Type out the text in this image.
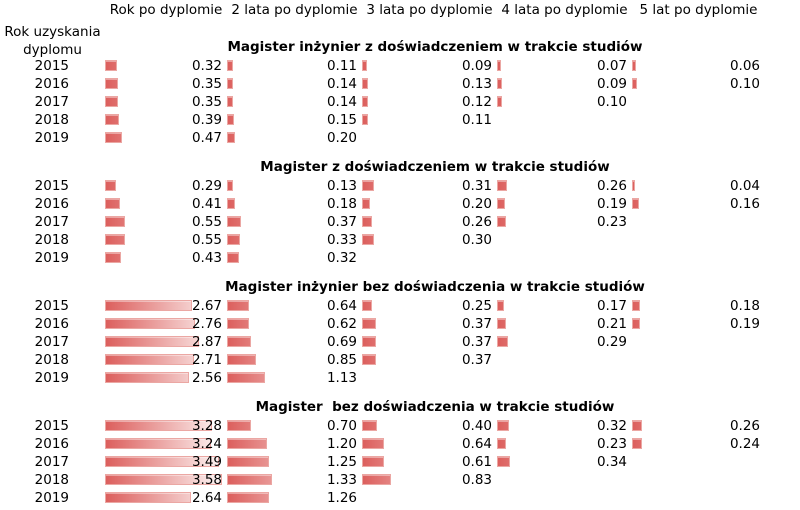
Rok po dyplomie 2 lata po dyplomie 3 lata po dyplomie 4 lata po dyplomie 5 lat po dyplomie
Rok uzyskania
dyplomu	Magister inżynier z doświadczeniem w trakcie studiów
2015	0.32	0.11	0.09	0.07	0.06
2016	0.35	0.14	0.13	0.09	0.10
2017	0.35	0.14	0.12	0.10
2018	0.39	0.15	0.11
2019	0.47	0.20
Magister z doświadczeniem w trakcie studiów
2015	0.29	0.13	0.31	0.26	0.04
2016	0.41	0.18	0.20	0.19	0.16
2017	0.55	0.37	0.26	0.23
2018	0.55	0.33	0.30
2019	0.43	0.32
Magister inżynier bez doświadczenia w trakcie studiów
2015	2.67	0.64	0.25	0.17	0.18
2016	2.76	0.62	0.37	0.21	0.19
2017	2.87	0.69	0.37	0.29
2018	2.71	0.85	0.37
2019	2.56	1.13
Magister  bez doświadczenia w trakcie studiów
2015	3.28	0.70	0.40	0.32	0.26
2016	3.24	1.20	0.64	0.23	0.24
2017	3.49	1.25	0.61	0.34
2018	3.58	1.33	0.83
2019	2.64	1.26
